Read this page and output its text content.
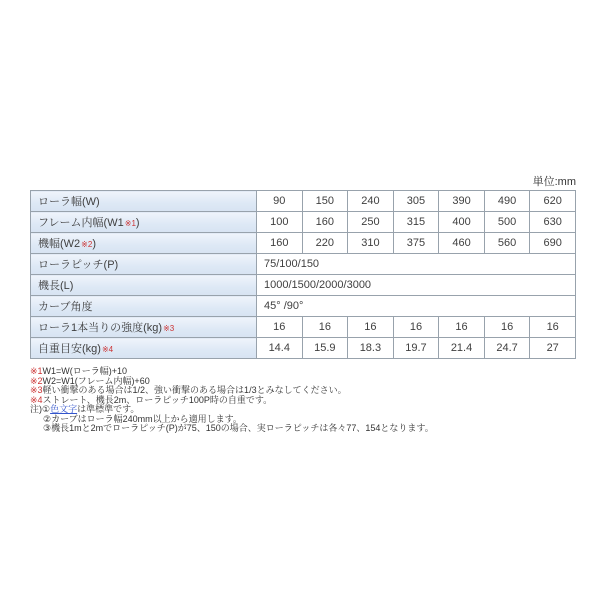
単位:mm
ローラ幅(W)	90	150	240	305	390	490	620
フレーム内幅(W1※1)	100	160	250	315	400	500	630
機幅(W2※2)	160	220	310	375	460	560	690
ローラピッチ(P)	75/100/150						
機長(L)	1000/1500/2000/3000						
カーブ角度	45° /90°						
ローラ1本当りの強度(kg)※3	16	16	16	16	16	16	16
自重目安(kg)※4	14.4	15.9	18.3	19.7	21.4	24.7	27
※1W1=W(ローラ幅)+10
※2W2=W1(フレーム内幅)+60
※3軽い衝撃のある場合は1/2、強い衝撃のある場合は1/3とみなしてください。
※4ストレート、機長2m、ローラピッチ100P時の自重です。
注)①色文字は準標準です。
②カーブはローラ幅240mm以上から適用します。
③機長1mと2mでローラピッチ(P)が75、150の場合、実ローラピッチは各々77、154となります。
